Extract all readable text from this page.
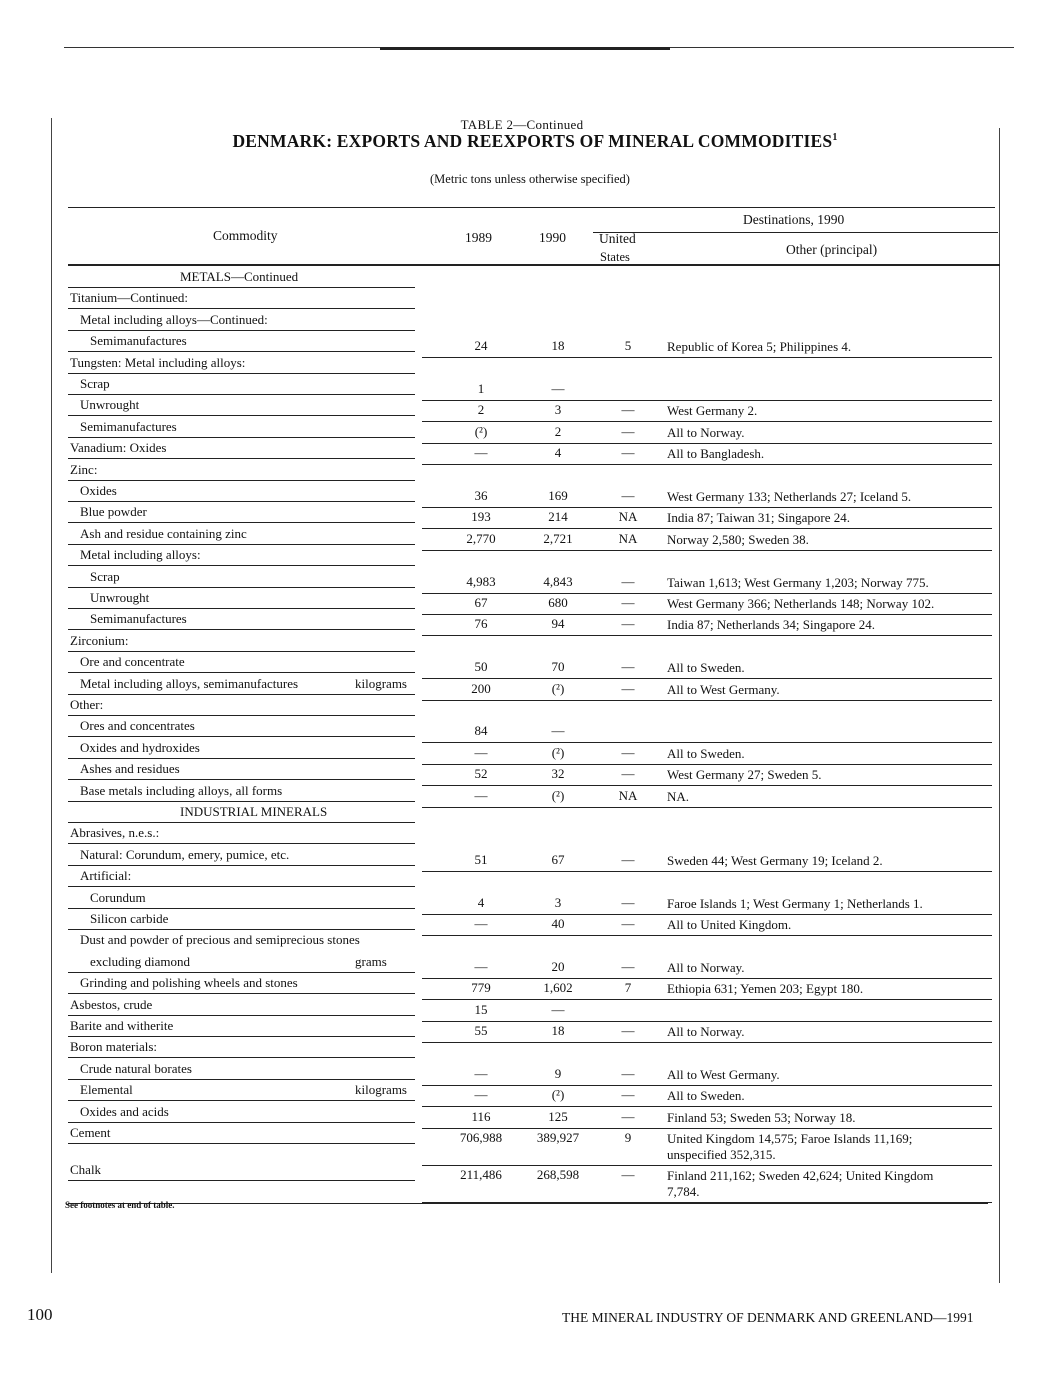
TABLE 2—Continued
DENMARK: EXPORTS AND REEXPORTS OF MINERAL COMMODITIES$^1$
(Metric tons unless otherwise specified)
Commodity	1989	1990
Destinations, 1990
United
States	Other (principal)
METALS—Continued
Titanium—Continued:
Metal including alloys—Continued:
Semimanufactures	24	18	5	Republic of Korea 5; Philippines 4.
Tungsten: Metal including alloys:
Scrap	1	—
Unwrought	2	3	—	West Germany 2.
Semimanufactures	(²)	2	—	All to Norway.
Vanadium: Oxides	—	4	—	All to Bangladesh.
Zinc:
Oxides	36	169	—	West Germany 133; Netherlands 27; Iceland 5.
Blue powder	193	214	NA	India 87; Taiwan 31; Singapore 24.
Ash and residue containing zinc	2,770	2,721	NA	Norway 2,580; Sweden 38.
Metal including alloys:
Scrap	4,983	4,843	—	Taiwan 1,613; West Germany 1,203; Norway 775.
Unwrought	67	680	—	West Germany 366; Netherlands 148; Norway 102.
Semimanufactures	76	94	—	India 87; Netherlands 34; Singapore 24.
Zirconium:
Ore and concentrate	50	70	—	All to Sweden.
Metal including alloys, semimanufactures	kilograms	200	(²)	—	All to West Germany.
Other:
Ores and concentrates	84	—
Oxides and hydroxides	—	(²)	—	All to Sweden.
Ashes and residues	52	32	—	West Germany 27; Sweden 5.
Base metals including alloys, all forms	—	(²)	NA	NA.
INDUSTRIAL MINERALS
Abrasives, n.e.s.:
Natural: Corundum, emery, pumice, etc.	51	67	—	Sweden 44; West Germany 19; Iceland 2.
Artificial:
Corundum	4	3	—	Faroe Islands 1; West Germany 1; Netherlands 1.
Silicon carbide	—	40	—	All to United Kingdom.
Dust and powder of precious and semiprecious stones
excluding diamond	grams	—	20	—	All to Norway.
Grinding and polishing wheels and stones	779	1,602	7	Ethiopia 631; Yemen 203; Egypt 180.
Asbestos, crude	15	—
Barite and witherite	55	18	—	All to Norway.
Boron materials:
Crude natural borates	—	9	—	All to West Germany.
Elemental	kilograms	—	(²)	—	All to Sweden.
Oxides and acids	116	125	—	Finland 53; Sweden 53; Norway 18.
Cement	706,988	389,927	9	United Kingdom 14,575; Faroe Islands 11,169;
unspecified 352,315.
Chalk	211,486	268,598	—	Finland 211,162; Sweden 42,624; United Kingdom
7,784.
See footnotes at end of table.
100	THE MINERAL INDUSTRY OF DENMARK AND GREENLAND—1991
